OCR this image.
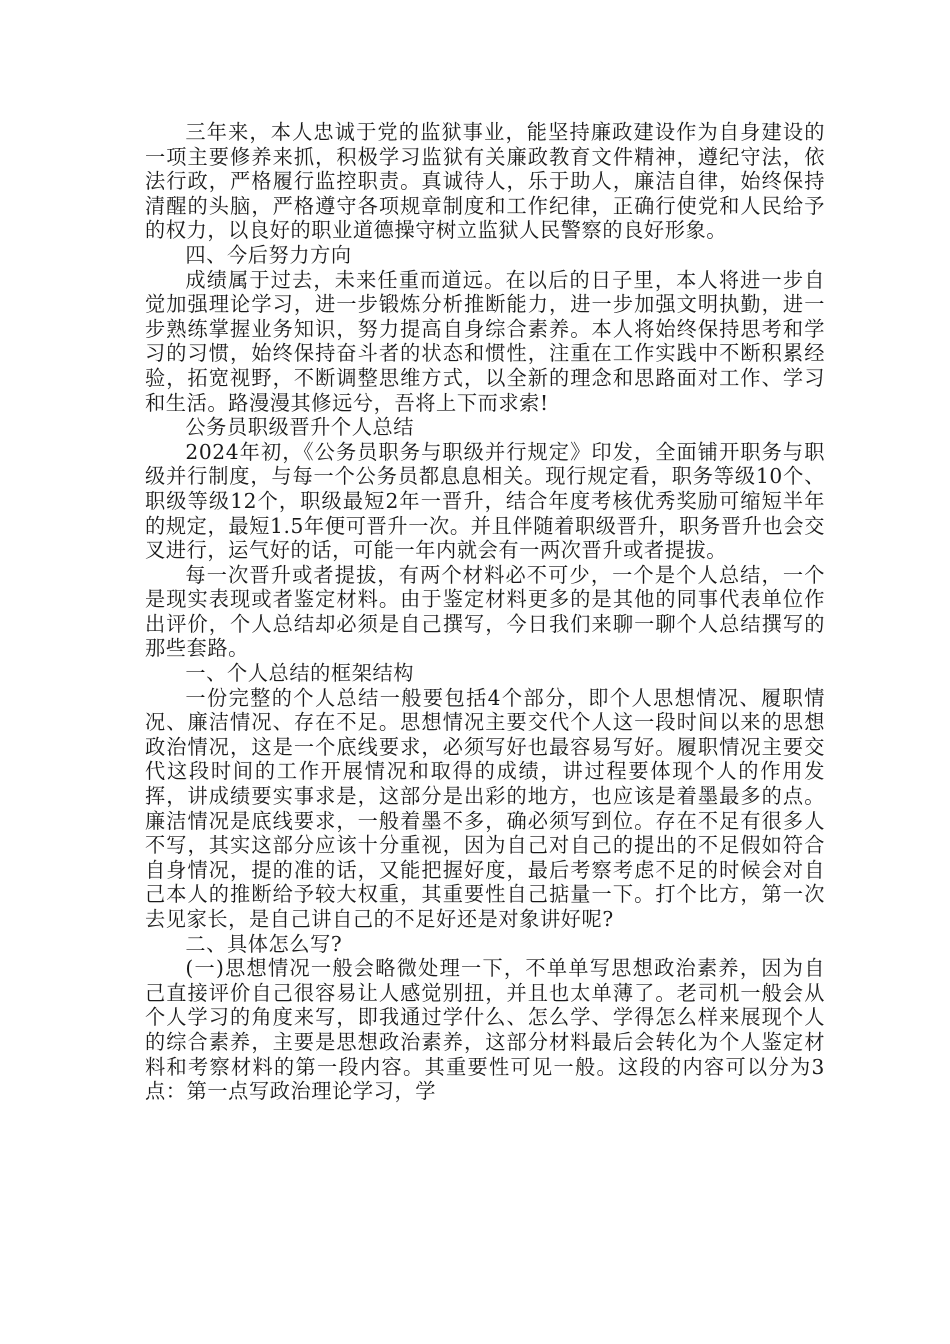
三年来，本人忠诚于党的监狱事业，能坚持廉政建设作为自身建设的一项主要修养来抓，积极学习监狱有关廉政教育文件精神，遵纪守法，依法行政，严格履行监控职责。真诚待人，乐于助人，廉洁自律，始终保持清醒的头脑，严格遵守各项规章制度和工作纪律，正确行使党和人民给予的权力，以良好的职业道德操守树立监狱人民警察的良好形象。

四、今后努力方向

成绩属于过去，未来任重而道远。在以后的日子里，本人将进一步自觉加强理论学习，进一步锻炼分析推断能力，进一步加强文明执勤，进一步熟练掌握业务知识，努力提高自身综合素养。本人将始终保持思考和学习的习惯，始终保持奋斗者的状态和惯性，注重在工作实践中不断积累经验，拓宽视野，不断调整思维方式，以全新的理念和思路面对工作、学习和生活。路漫漫其修远兮，吾将上下而求索!

公务员职级晋升个人总结

2024年初，《公务员职务与职级并行规定》印发，全面铺开职务与职级并行制度，与每一个公务员都息息相关。现行规定看，职务等级10个、职级等级12个，职级最短2年一晋升，结合年度考核优秀奖励可缩短半年的规定，最短1.5年便可晋升一次。并且伴随着职级晋升，职务晋升也会交叉进行，运气好的话，可能一年内就会有一两次晋升或者提拔。

每一次晋升或者提拔，有两个材料必不可少，一个是个人总结，一个是现实表现或者鉴定材料。由于鉴定材料更多的是其他的同事代表单位作出评价，个人总结却必须是自己撰写，今日我们来聊一聊个人总结撰写的那些套路。

一、个人总结的框架结构

一份完整的个人总结一般要包括4个部分，即个人思想情况、履职情况、廉洁情况、存在不足。思想情况主要交代个人这一段时间以来的思想政治情况，这是一个底线要求，必须写好也最容易写好。履职情况主要交代这段时间的工作开展情况和取得的成绩，讲过程要体现个人的作用发挥，讲成绩要实事求是，这部分是出彩的地方，也应该是着墨最多的点。廉洁情况是底线要求，一般着墨不多，确必须写到位。存在不足有很多人不写，其实这部分应该十分重视，因为自己对自己的提出的不足假如符合自身情况，提的准的话，又能把握好度，最后考察考虑不足的时候会对自己本人的推断给予较大权重，其重要性自己掂量一下。打个比方，第一次去见家长，是自己讲自己的不足好还是对象讲好呢?

二、具体怎么写?

(一)思想情况一般会略微处理一下，不单单写思想政治素养，因为自己直接评价自己很容易让人感觉别扭，并且也太单薄了。老司机一般会从个人学习的角度来写，即我通过学什么、怎么学、学得怎么样来展现个人的综合素养，主要是思想政治素养，这部分材料最后会转化为个人鉴定材料和考察材料的第一段内容。其重要性可见一般。这段的内容可以分为3点：第一点写政治理论学习，学
